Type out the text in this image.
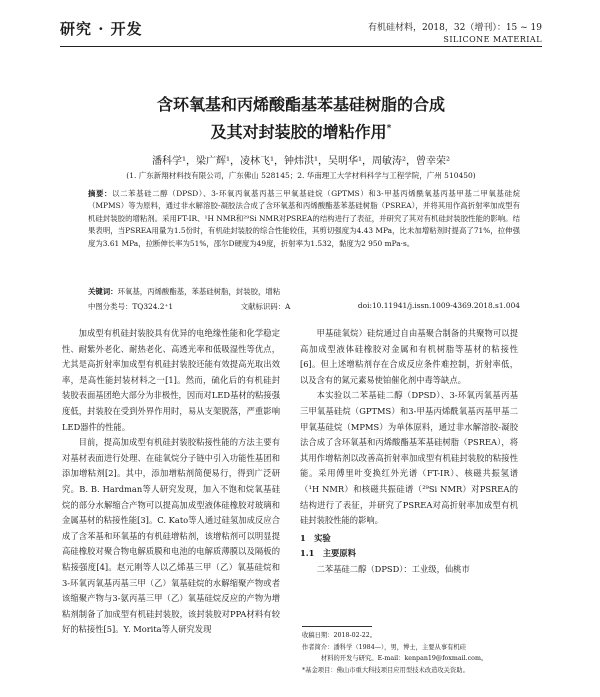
研究 · 开发	有机硅材料，2018，32（增刊）：15 ~ 19
SILICONE MATERIAL
含环氧基和丙烯酸酯基苯基硅树脂的合成
及其对封装胶的增粘作用*
潘科学¹，梁广辉¹，凌林飞¹，钟炜洪¹，吴明华¹，周敏涛²，曾幸荣²
(1. 广东新翔材料技有限公司，广东佛山 528145；2. 华南理工大学材料科学与工程学院，广州 510450)
摘要：以二苯基硅二醇（DPSD）、3-环氧丙氧基丙基三甲氧基硅烷（GPTMS）和3-甲基丙烯酰氧基丙基甲基二甲氧基硅烷（MPMS）等为原料，通过非水解溶胶-凝胶法合成了含环氧基和丙烯酸酯基苯基硅树脂（PSREA），并将其用作高折射率加成型有机硅封装胶的增粘剂。采用FT-IR、¹H NMR和²⁹Si NMR对PSREA的结构进行了表征，并研究了其对有机硅封装胶性能的影响。结果表明，当PSREA用量为1.5份时，有机硅封装胶的综合性能较佳，其剪切强度为4.43 MPa，比未加增粘剂时提高了71%，拉伸强度为3.61 MPa，拉断伸长率为51%，邵尔D硬度为49度，折射率为1.532，黏度为2 950 mPa·s。
关键词：环氧基，丙烯酸酯基，苯基硅树脂，封装胶，增粘
中图分类号：TQ324.2⁺1	文献标识码：A	doi:10.11941/j.issn.1009-4369.2018.s1.004

加成型有机硅封装胶具有优异的电绝缘性能和化学稳定性、耐紫外老化、耐热老化、高透光率和低吸湿性等优点，尤其是高折射率加成型有机硅封装胶还能有效提高光取出效率，是高性能封装材料之一[1]。然而，硫化后的有机硅封装胶表面基团绝大部分为非极性，因而对LED基材的粘接强度低，封装胶在受到外界作用时，易从支架脱落，严重影响LED器件的性能。

目前，提高加成型有机硅封装胶粘接性能的方法主要有对基材表面进行处理、在硅氧烷分子链中引入功能性基团和添加增粘剂[2]。其中，添加增粘剂简便易行，得到广泛研究。B. B. Hardman等人研究发现，加入不饱和烷氧基硅烷的部分水解缩合产物可以提高加成型液体硅橡胶对玻璃和金属基材的粘接性能[3]。C. Kato等人通过硅氢加成反应合成了含苯基和环氧基的有机硅增粘剂，该增粘剂可以明显提高硅橡胶对聚合物电解质膜和电池的电解质薄膜以及隔板的粘接强度[4]。赵元刚等人以乙烯基三甲（乙）氧基硅烷和3-环氧丙氧基丙基三甲（乙）氧基硅烷的水解缩聚产物或者该缩聚产物与3-氨丙基三甲（乙）氧基硅烷反应的产物为增粘剂制备了加成型有机硅封装胶，该封装胶对PPA材料有较好的粘接性[5]。Y. Morita等人研究发现

甲基硅氧烷）硅烷通过自由基聚合制备的共聚物可以提高加成型液体硅橡胶对金属和有机树脂等基材的粘接性[6]。但上述增粘剂存在合成反应条件难控制，折射率低，以及含有的氮元素易使铂催化剂中毒等缺点。

本实验以二苯基硅二醇（DPSD）、3-环氧丙氧基丙基三甲氧基硅烷（GPTMS）和3-甲基丙烯酰氧基丙基甲基二甲氧基硅烷（MPMS）为单体原料，通过非水解溶胶-凝胶法合成了含环氧基和丙烯酸酯基苯基硅树脂（PSREA），将其用作增粘剂以改善高折射率加成型有机硅封装胶的粘接性能。采用傅里叶变换红外光谱（FT-IR）、核磁共振氢谱（¹H NMR）和核磁共振硅谱（²⁹Si NMR）对PSREA的结构进行了表征，并研究了PSREA对高折射率加成型有机硅封装胶性能的影响。

1　实验

1.1　主要原料

二苯基硅二醇（DPSD）：工业级，仙桃市

收稿日期：2018-02-22。
作者简介：潘科学（1984—），男，博士，主要从事有机硅
材料的开发与研究。E-mail：kenpan19@foxmail.com。
*基金项目：佛山市重大科技项目应用型技术改造攻关资助。
